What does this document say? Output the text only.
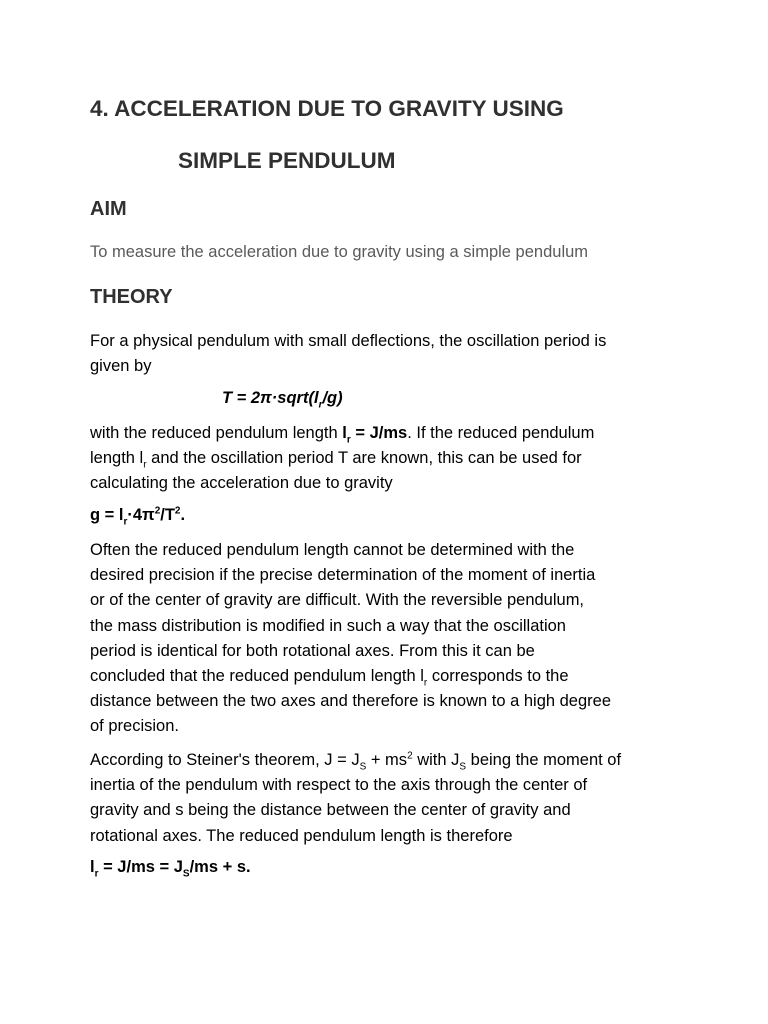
4. ACCELERATION DUE TO GRAVITY USING
SIMPLE PENDULUM
AIM
To measure the acceleration due to gravity using a simple pendulum
THEORY
For a physical pendulum with small deflections, the oscillation period is
given by
$T = 2\pi\cdot sqrt(l_r/g)$
with the reduced pendulum length $l_r = J/ms$. If the reduced pendulum
length $l_r$ and the oscillation period T are known, this can be used for
calculating the acceleration due to gravity
$g = l_r\cdot 4\pi^2/T^2$.
Often the reduced pendulum length cannot be determined with the
desired precision if the precise determination of the moment of inertia
or of the center of gravity are difficult. With the reversible pendulum,
the mass distribution is modified in such a way that the oscillation
period is identical for both rotational axes. From this it can be
concluded that the reduced pendulum length $l_r$ corresponds to the
distance between the two axes and therefore is known to a high degree
of precision.
According to Steiner's theorem, $J = J_S + ms^2$ with $J_S$ being the moment of
inertia of the pendulum with respect to the axis through the center of
gravity and s being the distance between the center of gravity and
rotational axes. The reduced pendulum length is therefore
$l_r = J/ms = J_S/ms + s$.
